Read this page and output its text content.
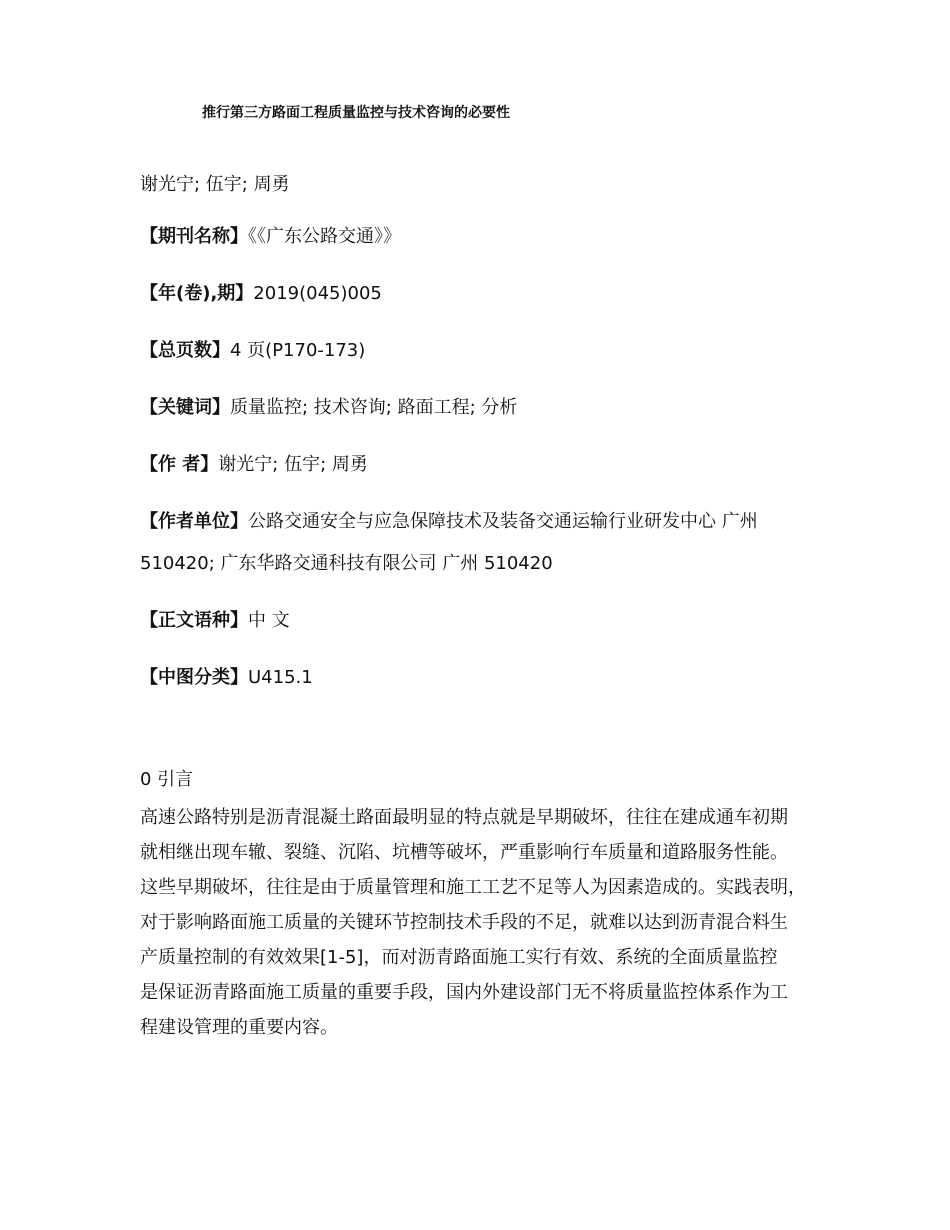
推行第三方路面工程质量监控与技术咨询的必要性
谢光宁; 伍宇; 周勇
【期刊名称】《《广东公路交通》》
【年(卷),期】2019(045)005
【总页数】4 页(P170-173)
【关键词】质量监控; 技术咨询; 路面工程; 分析
【作 者】谢光宁; 伍宇; 周勇
【作者单位】公路交通安全与应急保障技术及装备交通运输行业研发中心 广州
510420; 广东华路交通科技有限公司 广州 510420
【正文语种】中 文
【中图分类】U415.1
0 引言
高速公路特别是沥青混凝土路面最明显的特点就是早期破坏，往往在建成通车初期
就相继出现车辙、裂缝、沉陷、坑槽等破坏，严重影响行车质量和道路服务性能。
这些早期破坏，往往是由于质量管理和施工工艺不足等人为因素造成的。实践表明，
对于影响路面施工质量的关键环节控制技术手段的不足，就难以达到沥青混合料生
产质量控制的有效效果[1-5]，而对沥青路面施工实行有效、系统的全面质量监控
是保证沥青路面施工质量的重要手段，国内外建设部门无不将质量监控体系作为工
程建设管理的重要内容。
